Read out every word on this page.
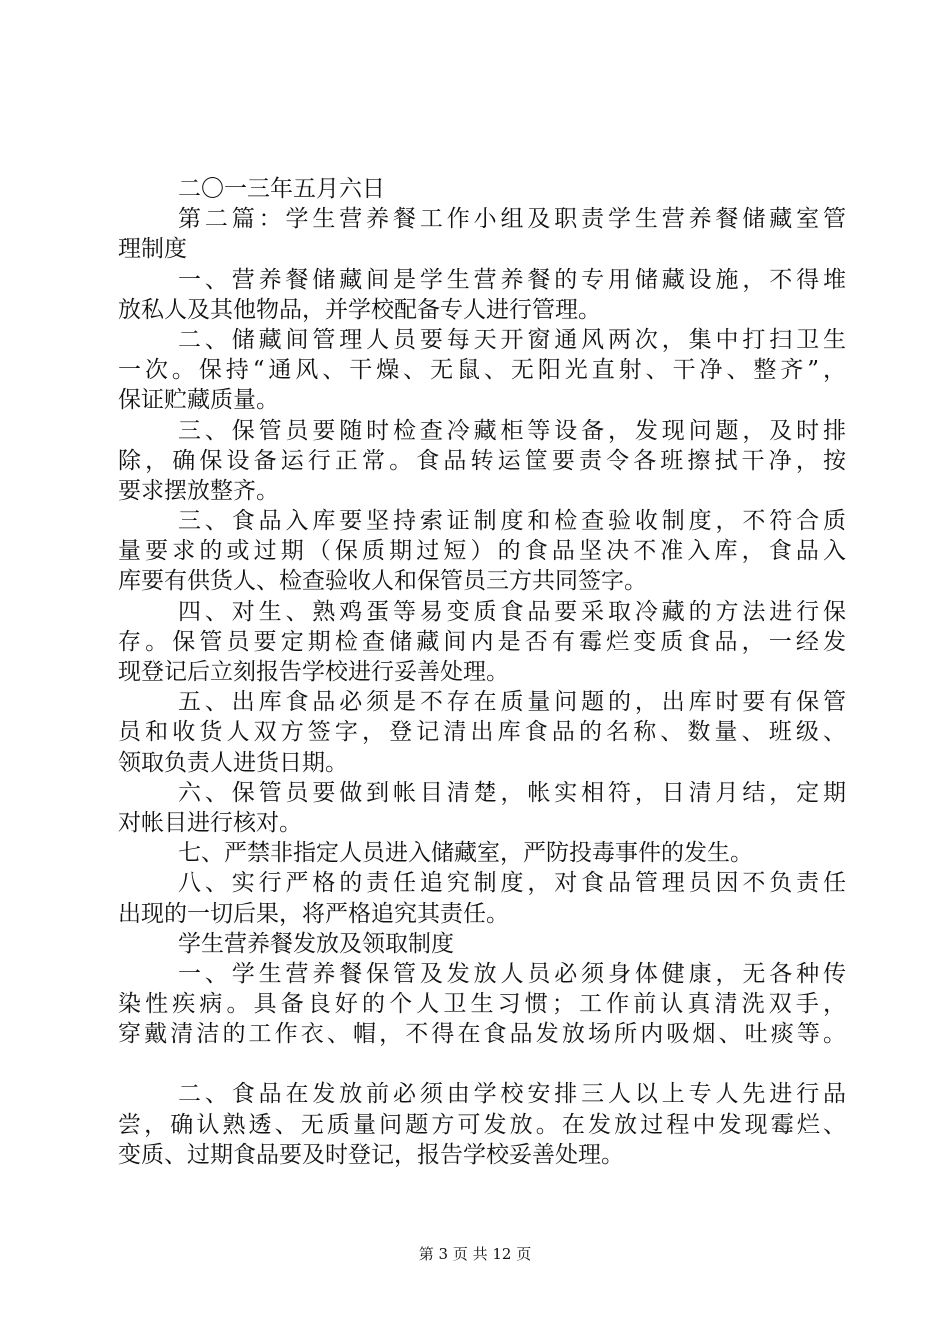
二〇一三年五月六日
第二篇：学生营养餐工作小组及职责学生营养餐储藏室管
理制度
一、营养餐储藏间是学生营养餐的专用储藏设施，不得堆
放私人及其他物品，并学校配备专人进行管理。
二、储藏间管理人员要每天开窗通风两次，集中打扫卫生
一次。保持“通风、干燥、无鼠、无阳光直射、干净、整齐”，
保证贮藏质量。
三、保管员要随时检查冷藏柜等设备，发现问题，及时排
除，确保设备运行正常。食品转运筐要责令各班擦拭干净，按
要求摆放整齐。
三、食品入库要坚持索证制度和检查验收制度，不符合质
量要求的或过期（保质期过短）的食品坚决不准入库，食品入
库要有供货人、检查验收人和保管员三方共同签字。
四、对生、熟鸡蛋等易变质食品要采取冷藏的方法进行保
存。保管员要定期检查储藏间内是否有霉烂变质食品，一经发
现登记后立刻报告学校进行妥善处理。
五、出库食品必须是不存在质量问题的，出库时要有保管
员和收货人双方签字，登记清出库食品的名称、数量、班级、
领取负责人进货日期。
六、保管员要做到帐目清楚，帐实相符，日清月结，定期
对帐目进行核对。
七、严禁非指定人员进入储藏室，严防投毒事件的发生。
八、实行严格的责任追究制度，对食品管理员因不负责任
出现的一切后果，将严格追究其责任。
学生营养餐发放及领取制度
一、学生营养餐保管及发放人员必须身体健康，无各种传
染性疾病。具备良好的个人卫生习惯；工作前认真清洗双手，
穿戴清洁的工作衣、帽，不得在食品发放场所内吸烟、吐痰等。
二、食品在发放前必须由学校安排三人以上专人先进行品
尝，确认熟透、无质量问题方可发放。在发放过程中发现霉烂、
变质、过期食品要及时登记，报告学校妥善处理。
第 3 页 共 12 页
